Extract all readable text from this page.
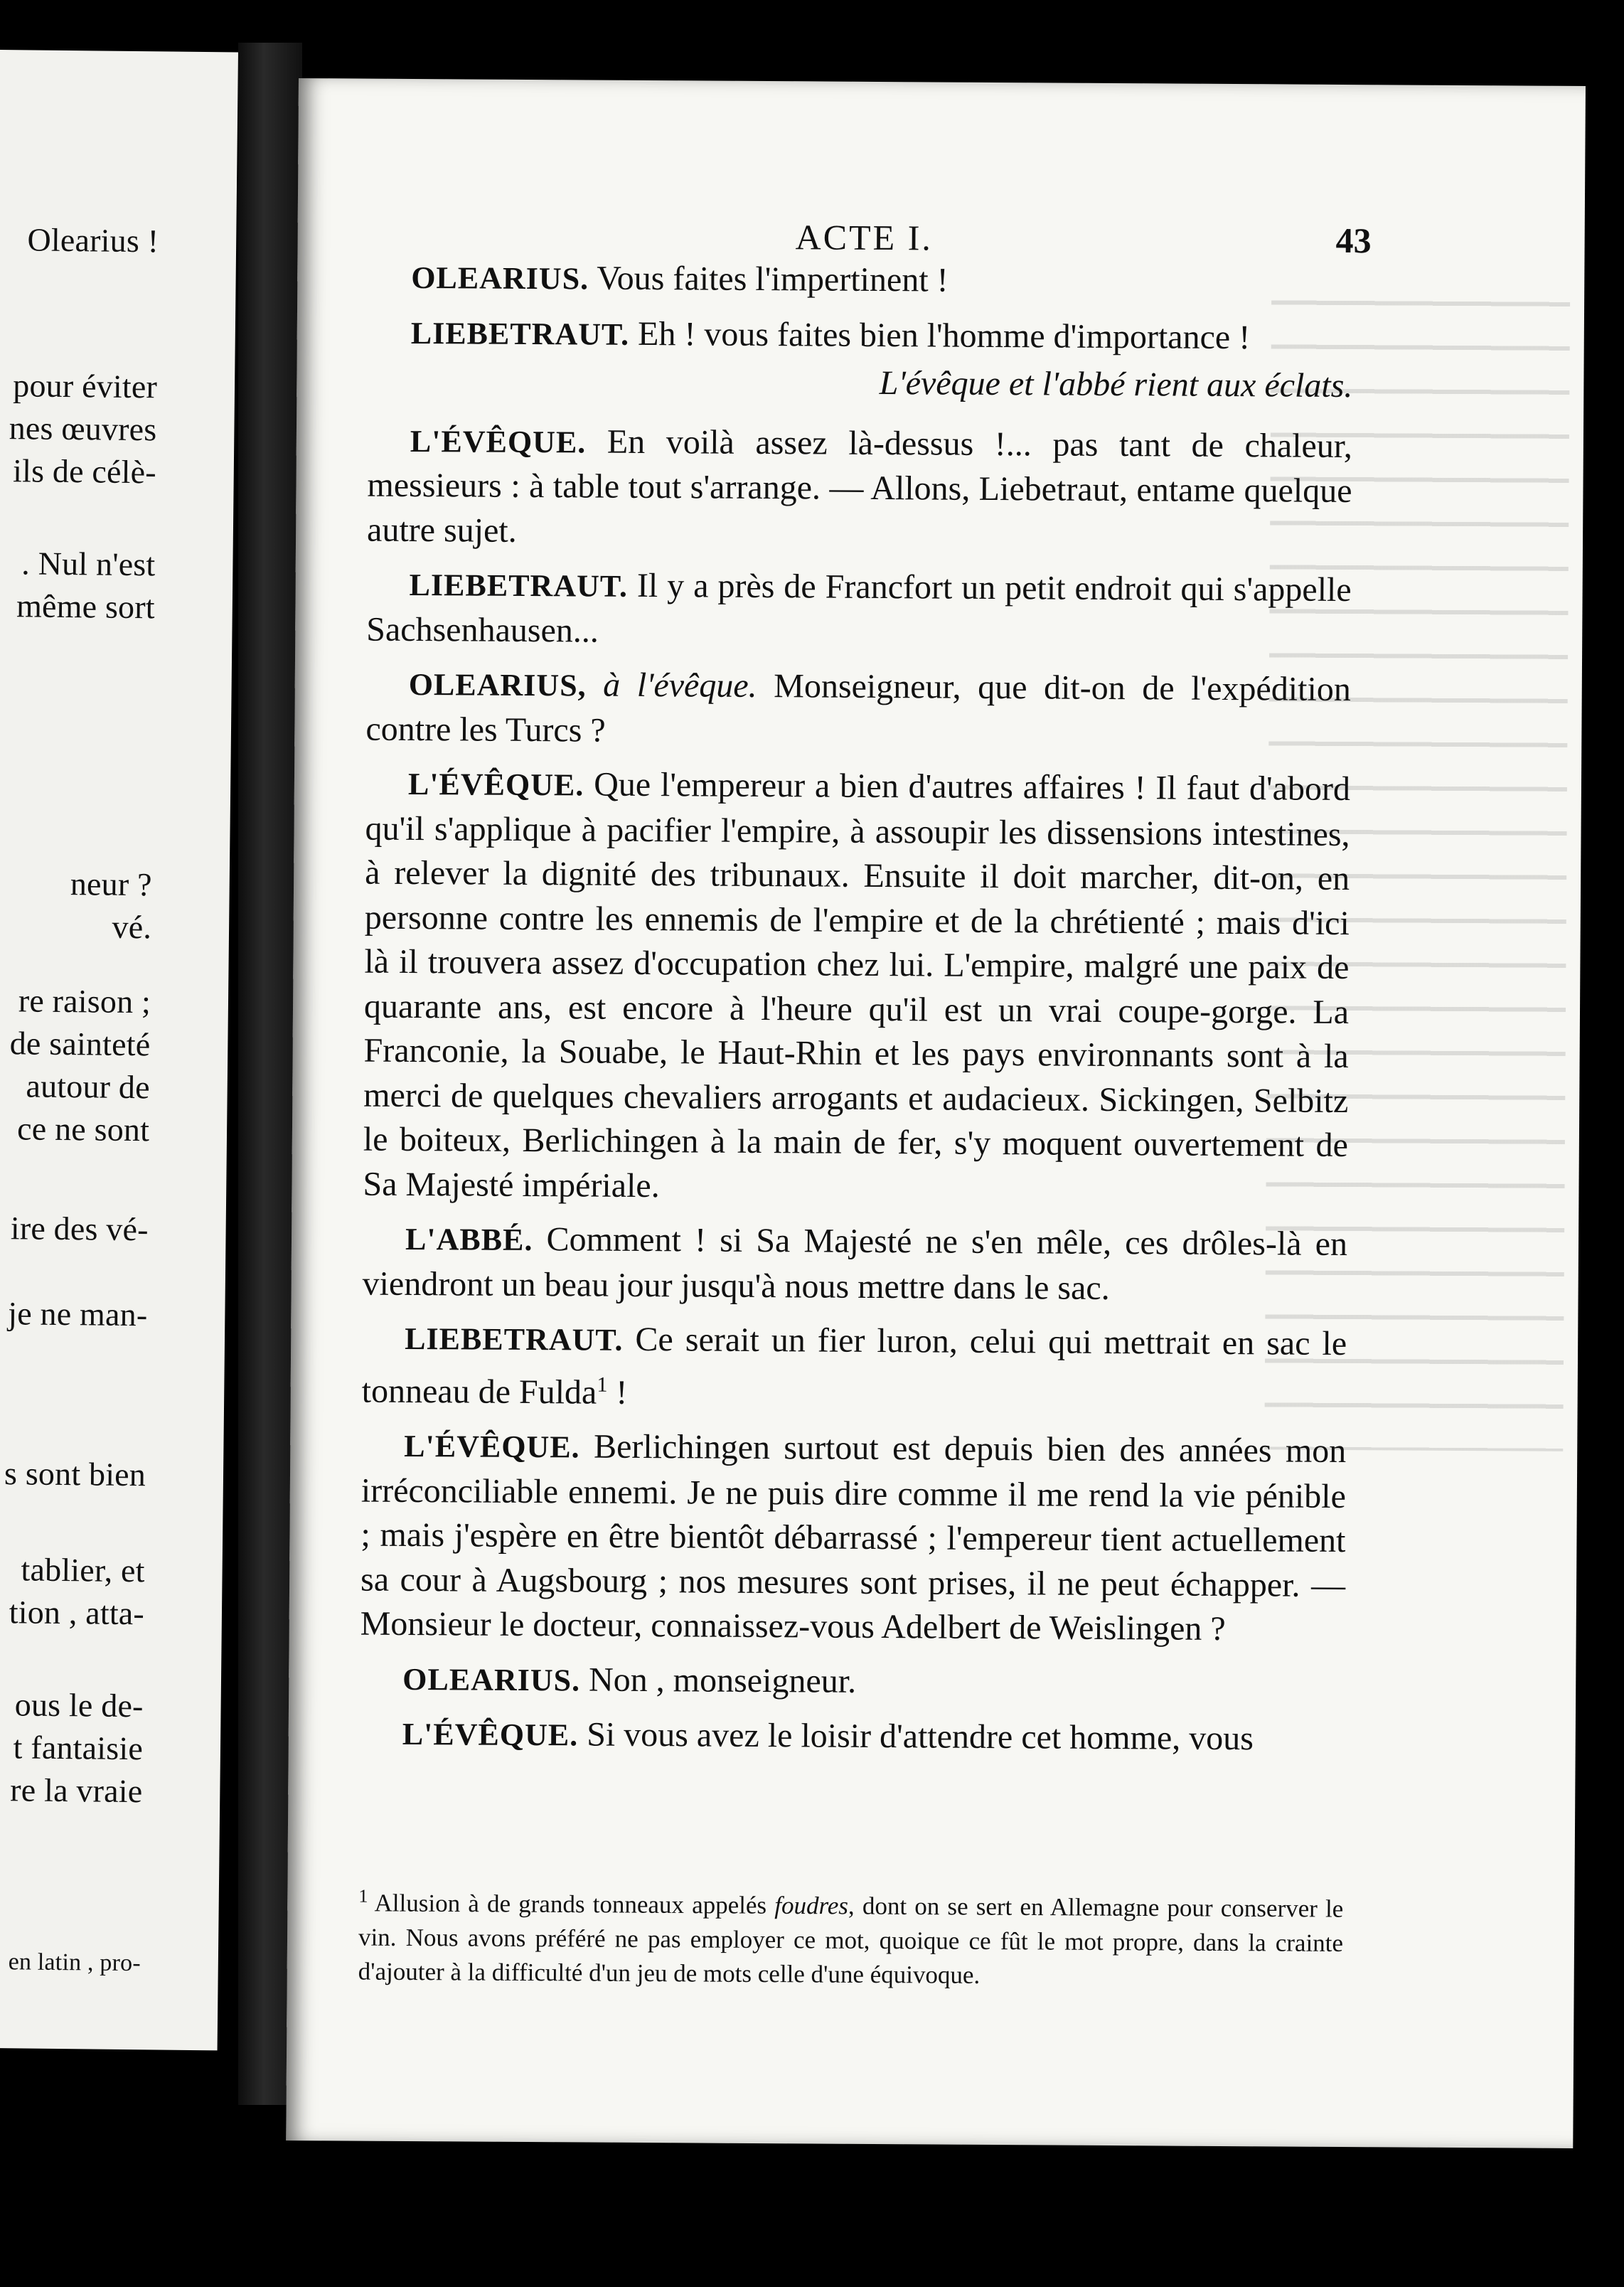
Olearius !
pour éviter
nes œuvres
ils de célè-
. Nul n'est
même sort
neur ?
vé.
re raison ;
de sainteté
autour de
ce ne sont
ire des vé-
je ne man-
s sont bien
tablier, et
tion , atta-
ous le de-
t fantaisie
re la vraie
en latin , pro-
ACTE I.	43

OLEARIUS. Vous faites l'impertinent !

LIEBETRAUT. Eh ! vous faites bien l'homme d'importance !

L'évêque et l'abbé rient aux éclats.

L'ÉVÊQUE. En voilà assez là-dessus !... pas tant de chaleur, messieurs : à table tout s'arrange. — Allons, Liebetraut, entame quelque autre sujet.

LIEBETRAUT. Il y a près de Francfort un petit endroit qui s'appelle Sachsenhausen...

OLEARIUS, à l'évêque. Monseigneur, que dit-on de l'expédition contre les Turcs ?

L'ÉVÊQUE. Que l'empereur a bien d'autres affaires ! Il faut d'abord qu'il s'applique à pacifier l'empire, à assoupir les dissensions intestines, à relever la dignité des tribunaux. Ensuite il doit marcher, dit-on, en personne contre les ennemis de l'empire et de la chrétienté ; mais d'ici là il trouvera assez d'occupation chez lui. L'empire, malgré une paix de quarante ans, est encore à l'heure qu'il est un vrai coupe-gorge. La Franconie, la Souabe, le Haut-Rhin et les pays environnants sont à la merci de quelques chevaliers arrogants et audacieux. Sickingen, Selbitz le boiteux, Berlichingen à la main de fer, s'y moquent ouvertement de Sa Majesté impériale.

L'ABBÉ. Comment ! si Sa Majesté ne s'en mêle, ces drôles-là en viendront un beau jour jusqu'à nous mettre dans le sac.

LIEBETRAUT. Ce serait un fier luron, celui qui mettrait en sac le tonneau de Fulda$^1$ !

L'ÉVÊQUE. Berlichingen surtout est depuis bien des années mon irréconciliable ennemi. Je ne puis dire comme il me rend la vie pénible ; mais j'espère en être bientôt débarrassé ; l'empereur tient actuellement sa cour à Augsbourg ; nos mesures sont prises, il ne peut échapper. — Monsieur le docteur, connaissez-vous Adelbert de Weislingen ?

OLEARIUS. Non , monseigneur.

L'ÉVÊQUE. Si vous avez le loisir d'attendre cet homme, vous

$^1$ Allusion à de grands tonneaux appelés foudres, dont on se sert en Allemagne pour conserver le vin. Nous avons préféré ne pas employer ce mot, quoique ce fût le mot propre, dans la crainte d'ajouter à la difficulté d'un jeu de mots celle d'une équivoque.
